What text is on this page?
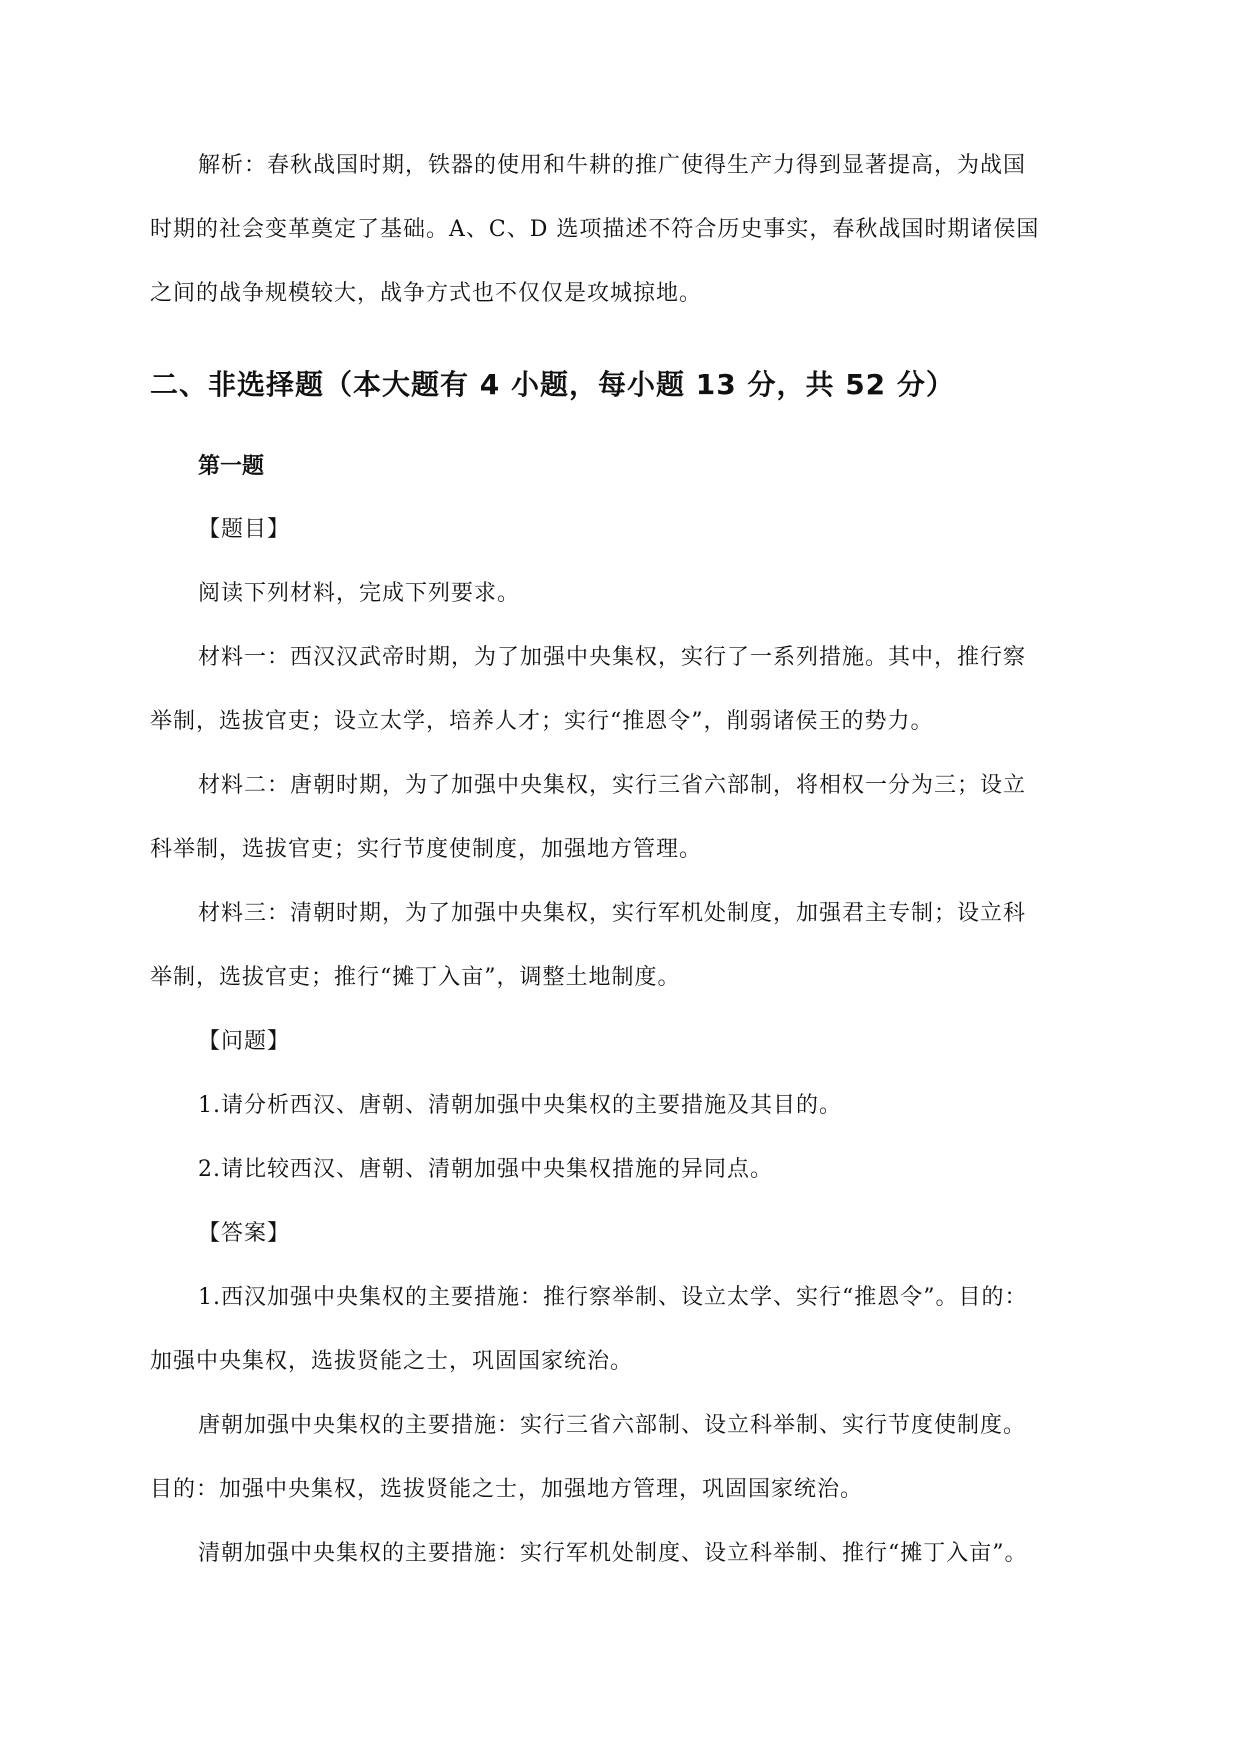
解析：春秋战国时期，铁器的使用和牛耕的推广使得生产力得到显著提高，为战国

时期的社会变革奠定了基础。A、C、D 选项描述不符合历史事实，春秋战国时期诸侯国

之间的战争规模较大，战争方式也不仅仅是攻城掠地。

二、非选择题（本大题有 4 小题，每小题 13 分，共 52 分）
第一题

【题目】

阅读下列材料，完成下列要求。

材料一：西汉汉武帝时期，为了加强中央集权，实行了一系列措施。其中，推行察

举制，选拔官吏；设立太学，培养人才；实行“推恩令”，削弱诸侯王的势力。

材料二：唐朝时期，为了加强中央集权，实行三省六部制，将相权一分为三；设立

科举制，选拔官吏；实行节度使制度，加强地方管理。

材料三：清朝时期，为了加强中央集权，实行军机处制度，加强君主专制；设立科

举制，选拔官吏；推行“摊丁入亩”，调整土地制度。

【问题】

1.请分析西汉、唐朝、清朝加强中央集权的主要措施及其目的。

2.请比较西汉、唐朝、清朝加强中央集权措施的异同点。

【答案】

1.西汉加强中央集权的主要措施：推行察举制、设立太学、实行“推恩令”。目的：

加强中央集权，选拔贤能之士，巩固国家统治。

唐朝加强中央集权的主要措施：实行三省六部制、设立科举制、实行节度使制度。

目的：加强中央集权，选拔贤能之士，加强地方管理，巩固国家统治。

清朝加强中央集权的主要措施：实行军机处制度、设立科举制、推行“摊丁入亩”。
